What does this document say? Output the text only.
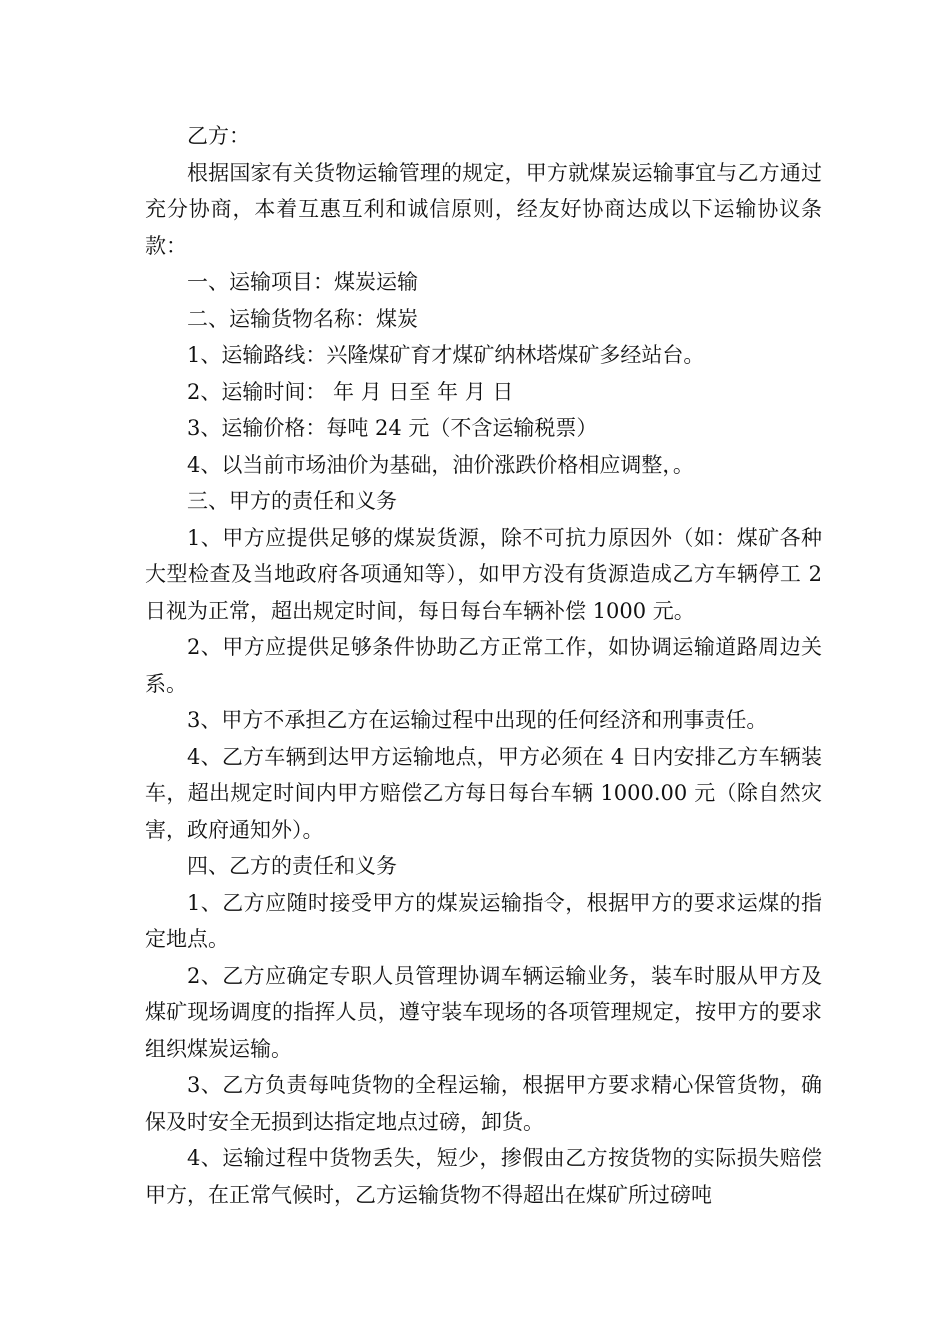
乙方：

根据国家有关货物运输管理的规定，甲方就煤炭运输事宜与乙方通过充分协商，本着互惠互利和诚信原则，经友好协商达成以下运输协议条款：

一、运输项目：煤炭运输

二、运输货物名称：煤炭

1、运输路线：兴隆煤矿育才煤矿纳林塔煤矿多经站台。

2、运输时间： 年 月 日至 年 月 日

3、运输价格：每吨 24 元（不含运输税票）

4、以当前市场油价为基础，油价涨跌价格相应调整，。

三、甲方的责任和义务

1、甲方应提供足够的煤炭货源，除不可抗力原因外（如：煤矿各种大型检查及当地政府各项通知等），如甲方没有货源造成乙方车辆停工 2 日视为正常，超出规定时间，每日每台车辆补偿 1000 元。

2、甲方应提供足够条件协助乙方正常工作，如协调运输道路周边关系。

3、甲方不承担乙方在运输过程中出现的任何经济和刑事责任。

4、乙方车辆到达甲方运输地点，甲方必须在 4 日内安排乙方车辆装车，超出规定时间内甲方赔偿乙方每日每台车辆 1000.00 元（除自然灾害，政府通知外）。

四、乙方的责任和义务

1、乙方应随时接受甲方的煤炭运输指令，根据甲方的要求运煤的指定地点。

2、乙方应确定专职人员管理协调车辆运输业务，装车时服从甲方及煤矿现场调度的指挥人员，遵守装车现场的各项管理规定，按甲方的要求组织煤炭运输。

3、乙方负责每吨货物的全程运输，根据甲方要求精心保管货物，确保及时安全无损到达指定地点过磅，卸货。

4、运输过程中货物丢失，短少，掺假由乙方按货物的实际损失赔偿甲方，在正常气候时，乙方运输货物不得超出在煤矿所过磅吨
